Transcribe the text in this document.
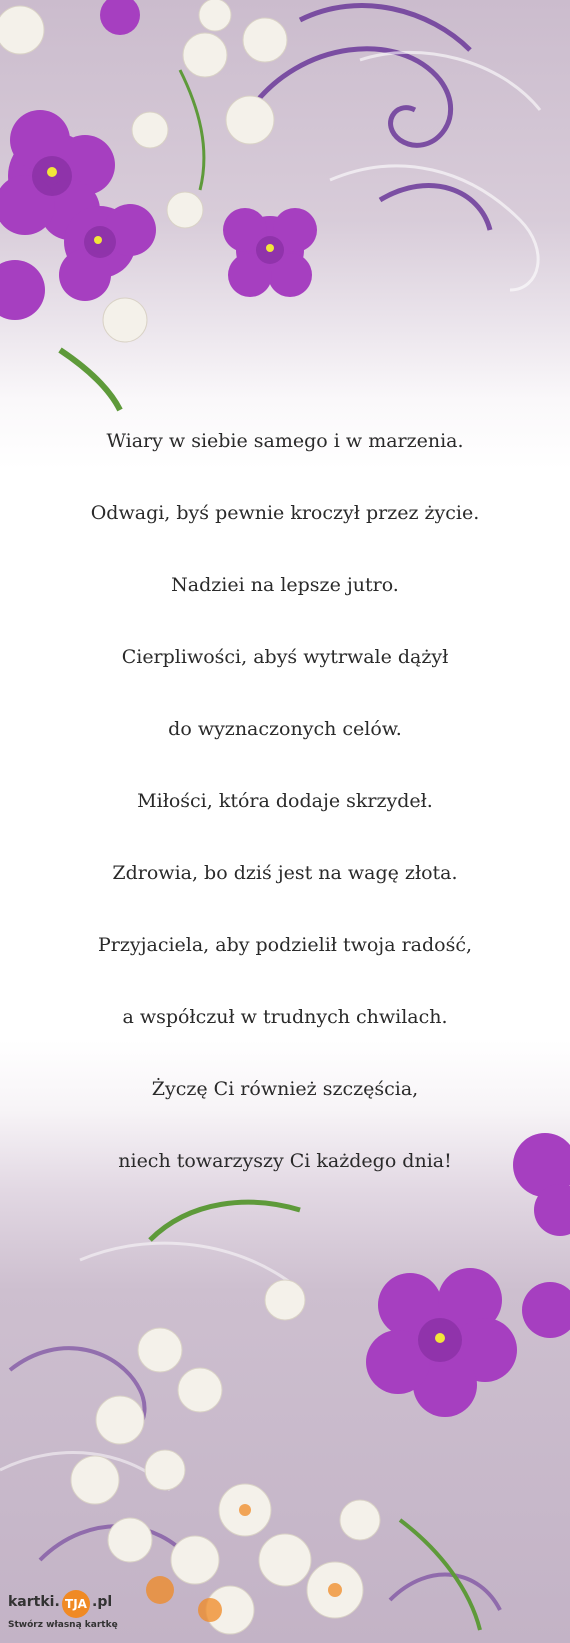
Wiary w siebie samego i w marzenia.
Odwagi, byś pewnie kroczył przez życie.
Nadziei na lepsze jutro.
Cierpliwości, abyś wytrwale dążył
do wyznaczonych celów.
Miłości, która dodaje skrzydeł.
Zdrowia, bo dziś jest na wagę złota.
Przyjaciela, aby podzielił twoja radość,
a współczuł w trudnych chwilach.
Życzę Ci również szczęścia,
niech towarzyszy Ci każdego dnia!
kartki. TJA .pl
Stwórz własną kartkę
